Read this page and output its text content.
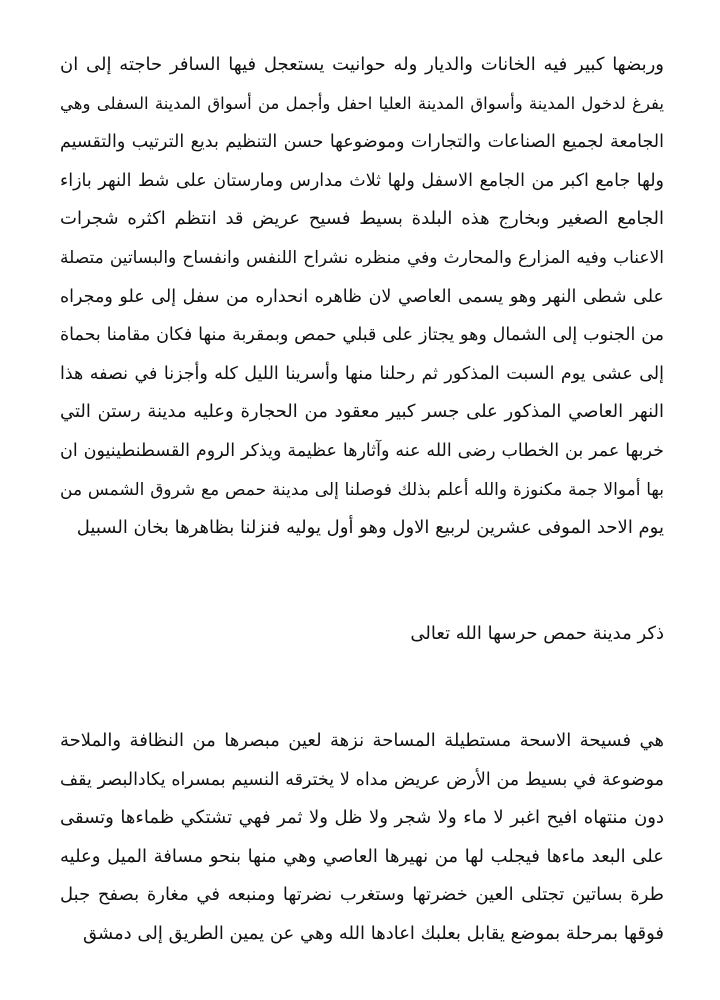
وربضها كبير فيه الخانات والديار وله حوانيت يستعجل فيها السافر حاجته إلى ان
يفرغ لدخول المدينة وأسواق المدينة العليا احفل وأجمل من أسواق المدينة السفلى وهي
الجامعة لجميع الصناعات والتجارات وموضوعها حسن التنظيم بديع الترتيب والتقسيم
ولها جامع اكبر من الجامع الاسفل ولها ثلاث مدارس ومارستان على شط النهر بازاء
الجامع الصغير وبخارج هذه البلدة بسيط فسيح عريض قد انتظم اكثره شجرات
الاعناب وفيه المزارع والمحارث وفي منظره نشراح اللنفس وانفساح والبساتين متصلة
على شطى النهر وهو يسمى العاصي لان ظاهره انحداره من سفل إلى علو ومجراه
من الجنوب إلى الشمال وهو يجتاز على قبلي حمص وبمقربة منها فكان مقامنا بحماة
إلى عشى يوم السبت المذكور ثم رحلنا منها وأسرينا الليل كله وأجزنا في نصفه هذا
النهر العاصي المذكور على جسر كبير معقود من الحجارة وعليه مدينة رستن التي
خربها عمر بن الخطاب رضى الله عنه وآثارها عظيمة ويذكر الروم القسطنطينيون ان
بها أموالا جمة مكنوزة والله أعلم بذلك فوصلنا إلى مدينة حمص مع شروق الشمس من
يوم الاحد الموفى عشرين لربيع الاول وهو أول يوليه فنزلنا بظاهرها بخان السبيل
ذكر مدينة حمص حرسها الله تعالى
هي فسيحة الاسحة مستطيلة المساحة نزهة لعين مبصرها من النظافة والملاحة
موضوعة في بسيط من الأرض عريض مداه لا يخترقه النسيم بمسراه يكادالبصر يقف
دون منتهاه افيح اغبر لا ماء ولا شجر ولا ظل ولا ثمر فهي تشتكي ظماءها وتسقى
على البعد ماءها فيجلب لها من نهيرها العاصي وهي منها بنحو مسافة الميل وعليه
طرة بساتين تجتلى العين خضرتها وستغرب نضرتها ومنبعه في مغارة بصفح جبل
فوقها بمرحلة بموضع يقابل بعلبك اعادها الله وهي عن يمين الطريق إلى دمشق
